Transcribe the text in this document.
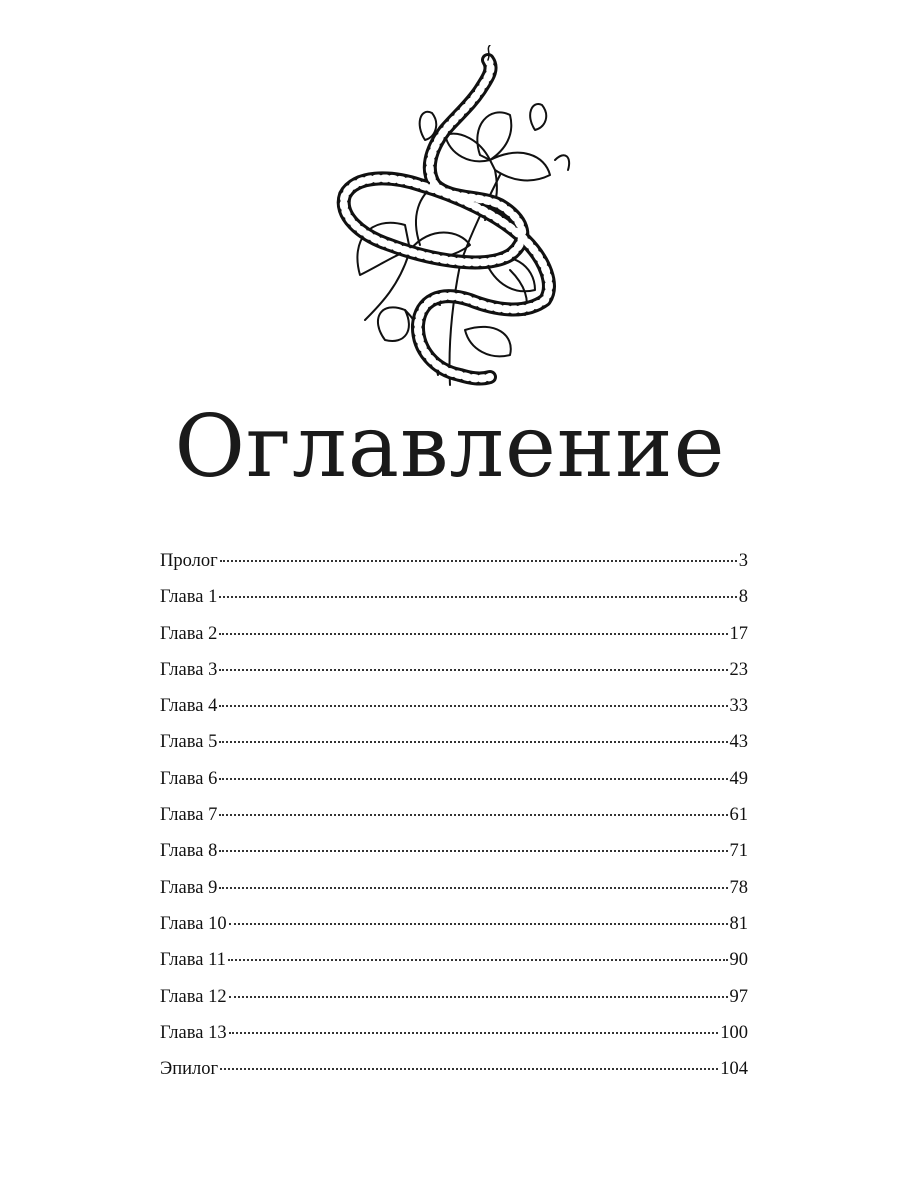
Оглавление
Пролог	3
Глава 1	8
Глава 2	17
Глава 3	23
Глава 4	33
Глава 5	43
Глава 6	49
Глава 7	61
Глава 8	71
Глава 9	78
Глава 10	81
Глава 11	90
Глава 12	97
Глава 13	100
Эпилог	104
